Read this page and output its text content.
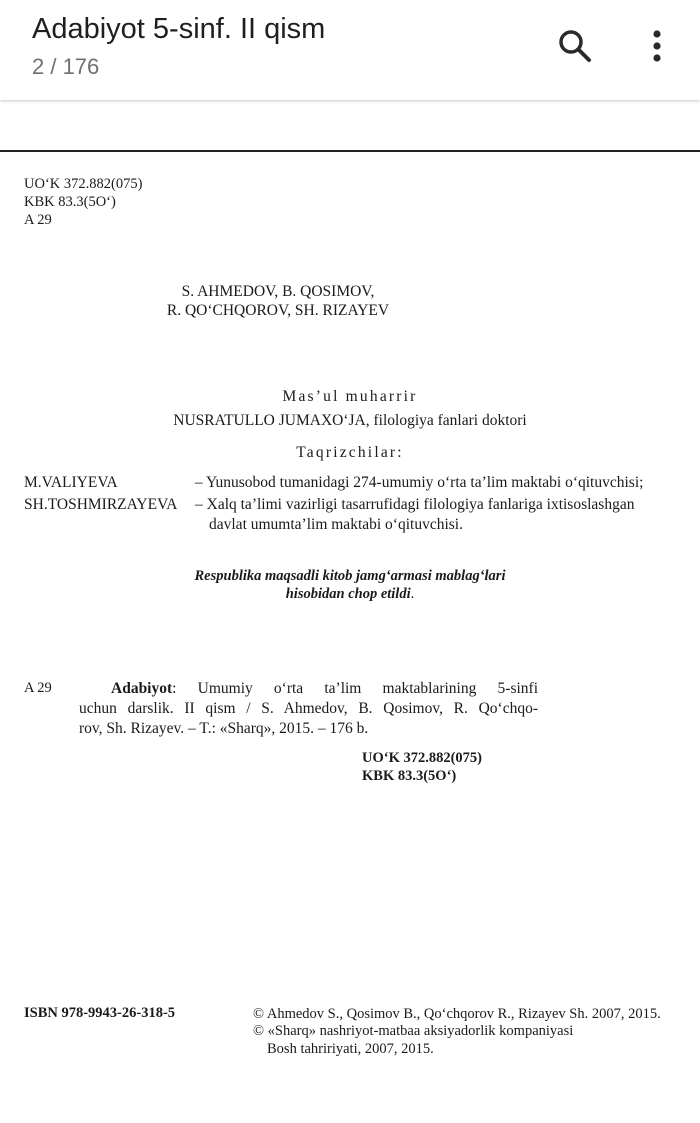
Adabiyot 5-sinf. II qism
2 / 176
UO‘K 372.882(075)
KBK 83.3(5O‘)
A 29
S. AHMEDOV, B. QOSIMOV,
R. QO‘CHQOROV, SH. RIZAYEV
Mas’ul muharrir
NUSRATULLO JUMAXO‘JA, filologiya fanlari doktori
Taqrizchilar:
M.VALIYEVA	– Yunusobod tumanidagi 274-umumiy o‘rta ta’lim maktabi o‘qituvchisi;
SH.TOSHMIRZAYEVA – Xalq ta’limi vazirligi tasarrufidagi filologiya fanlariga ixtisoslashgan
davlat umumta’lim maktabi o‘qituvchisi.
Respublika maqsadli kitob jamg‘armasi mablag‘lari
hisobidan chop etildi.
A 29	Adabiyot: Umumiy o‘rta ta’lim maktablarining 5-sinfi
uchun darslik. II qism / S. Ahmedov, B. Qosimov, R. Qo‘chqo-
rov, Sh. Rizayev. – T.: «Sharq», 2015. – 176 b.
UO‘K 372.882(075)
KBK 83.3(5O‘)
ISBN 978-9943-26-318-5	© Ahmedov S., Qosimov B., Qo‘chqorov R., Rizayev Sh. 2007, 2015.
© «Sharq» nashriyot-matbaa aksiyadorlik kompaniyasi
Bosh tahririyati, 2007, 2015.
